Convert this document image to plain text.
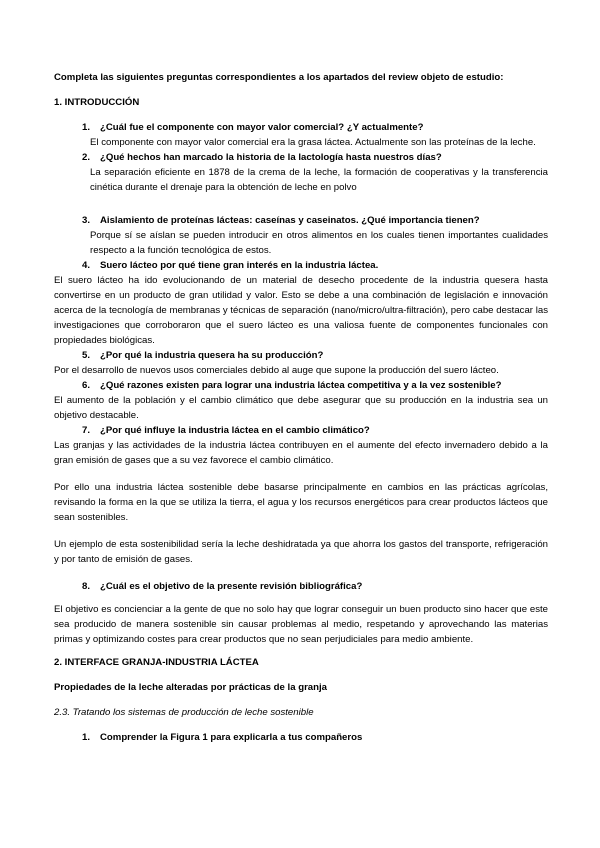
Completa las siguientes preguntas correspondientes a los apartados del review objeto de estudio:
1. INTRODUCCIÓN
1. ¿Cuál fue el componente con mayor valor comercial? ¿Y actualmente?
El componente con mayor valor comercial era la grasa láctea. Actualmente son las proteínas de la leche.
2. ¿Qué hechos han marcado la historia de la lactología hasta nuestros días?
La separación eficiente en 1878 de la crema de la leche, la formación de cooperativas y la transferencia cinética durante el drenaje para la obtención de leche en polvo
3. Aislamiento de proteínas lácteas: caseínas y caseinatos. ¿Qué importancia tienen?
Porque sí se aíslan se pueden introducir en otros alimentos en los cuales tienen importantes cualidades respecto a la función tecnológica de estos.
4. Suero lácteo por qué tiene gran interés en la industria láctea.
El suero lácteo ha ido evolucionando de un material de desecho procedente de la industria quesera hasta convertirse en un producto de gran utilidad y valor. Esto se debe a una combinación de legislación e innovación acerca de la tecnología de membranas y técnicas de separación (nano/micro/ultra-filtración), pero cabe destacar las investigaciones que corroboraron que el suero lácteo es una valiosa fuente de componentes funcionales con propiedades biológicas.
5. ¿Por qué la industria quesera ha su producción?
Por el desarrollo de nuevos usos comerciales debido al auge que supone la producción del suero lácteo.
6. ¿Qué razones existen para lograr una industria láctea competitiva y a la vez sostenible?
El aumento de la población y el cambio climático que debe asegurar que su producción en la industria sea un objetivo destacable.
7. ¿Por qué influye la industria láctea en el cambio climático?
Las granjas y las actividades de la industria láctea contribuyen en el aumente del efecto invernadero debido a la gran emisión de gases que a su vez favorece el cambio climático.
Por ello una industria láctea sostenible debe basarse principalmente en cambios en las prácticas agrícolas, revisando la forma en la que se utiliza la tierra, el agua y los recursos energéticos para crear productos lácteos que sean sostenibles.
Un ejemplo de esta sostenibilidad sería la leche deshidratada ya que ahorra los gastos del transporte, refrigeración y por tanto de emisión de gases.
8. ¿Cuál es el objetivo de la presente revisión bibliográfica?
El objetivo es concienciar a la gente de que no solo hay que lograr conseguir un buen producto sino hacer que este sea producido de manera sostenible sin causar problemas al medio, respetando y aprovechando las materias primas y optimizando costes para crear productos que no sean perjudiciales para medio ambiente.
2. INTERFACE GRANJA-INDUSTRIA LÁCTEA
Propiedades de la leche alteradas por prácticas de la granja
2.3. Tratando los sistemas de producción de leche sostenible
1. Comprender la Figura 1 para explicarla a tus compañeros
